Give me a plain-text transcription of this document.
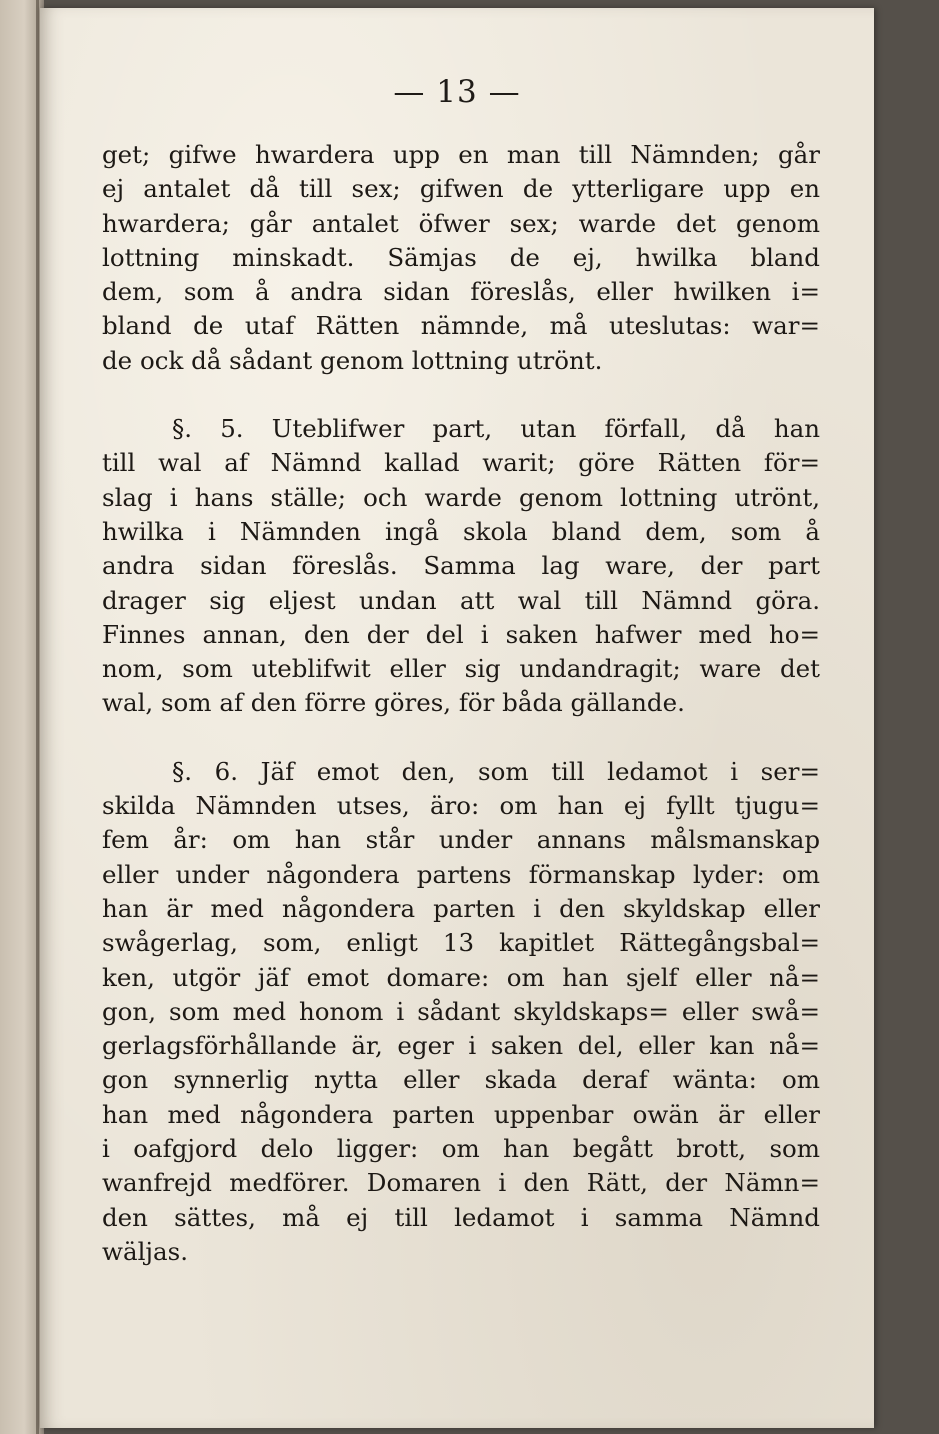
— 13 —
get; gifwe hwardera upp en man till Nämnden; går
ej antalet då till sex; gifwen de ytterligare upp en
hwardera; går antalet öfwer sex; warde det genom
lottning minskadt. Sämjas de ej, hwilka bland
dem, som å andra sidan föreslås, eller hwilken i=
bland de utaf Rätten nämnde, må uteslutas: war=
de ock då sådant genom lottning utrönt.
§. 5. Uteblifwer part, utan förfall, då han
till wal af Nämnd kallad warit; göre Rätten för=
slag i hans ställe; och warde genom lottning utrönt,
hwilka i Nämnden ingå skola bland dem, som å
andra sidan föreslås. Samma lag ware, der part
drager sig eljest undan att wal till Nämnd göra.
Finnes annan, den der del i saken hafwer med ho=
nom, som uteblifwit eller sig undandragit; ware det
wal, som af den förre göres, för båda gällande.
§. 6. Jäf emot den, som till ledamot i ser=
skilda Nämnden utses, äro: om han ej fyllt tjugu=
fem år: om han står under annans målsmanskap
eller under någondera partens förmanskap lyder: om
han är med någondera parten i den skyldskap eller
swågerlag, som, enligt 13 kapitlet Rättegångsbal=
ken, utgör jäf emot domare: om han sjelf eller nå=
gon, som med honom i sådant skyldskaps= eller swå=
gerlagsförhållande är, eger i saken del, eller kan nå=
gon synnerlig nytta eller skada deraf wänta: om
han med någondera parten uppenbar owän är eller
i oafgjord delo ligger: om han begått brott, som
wanfrejd medförer. Domaren i den Rätt, der Nämn=
den sättes, må ej till ledamot i samma Nämnd
wäljas.
